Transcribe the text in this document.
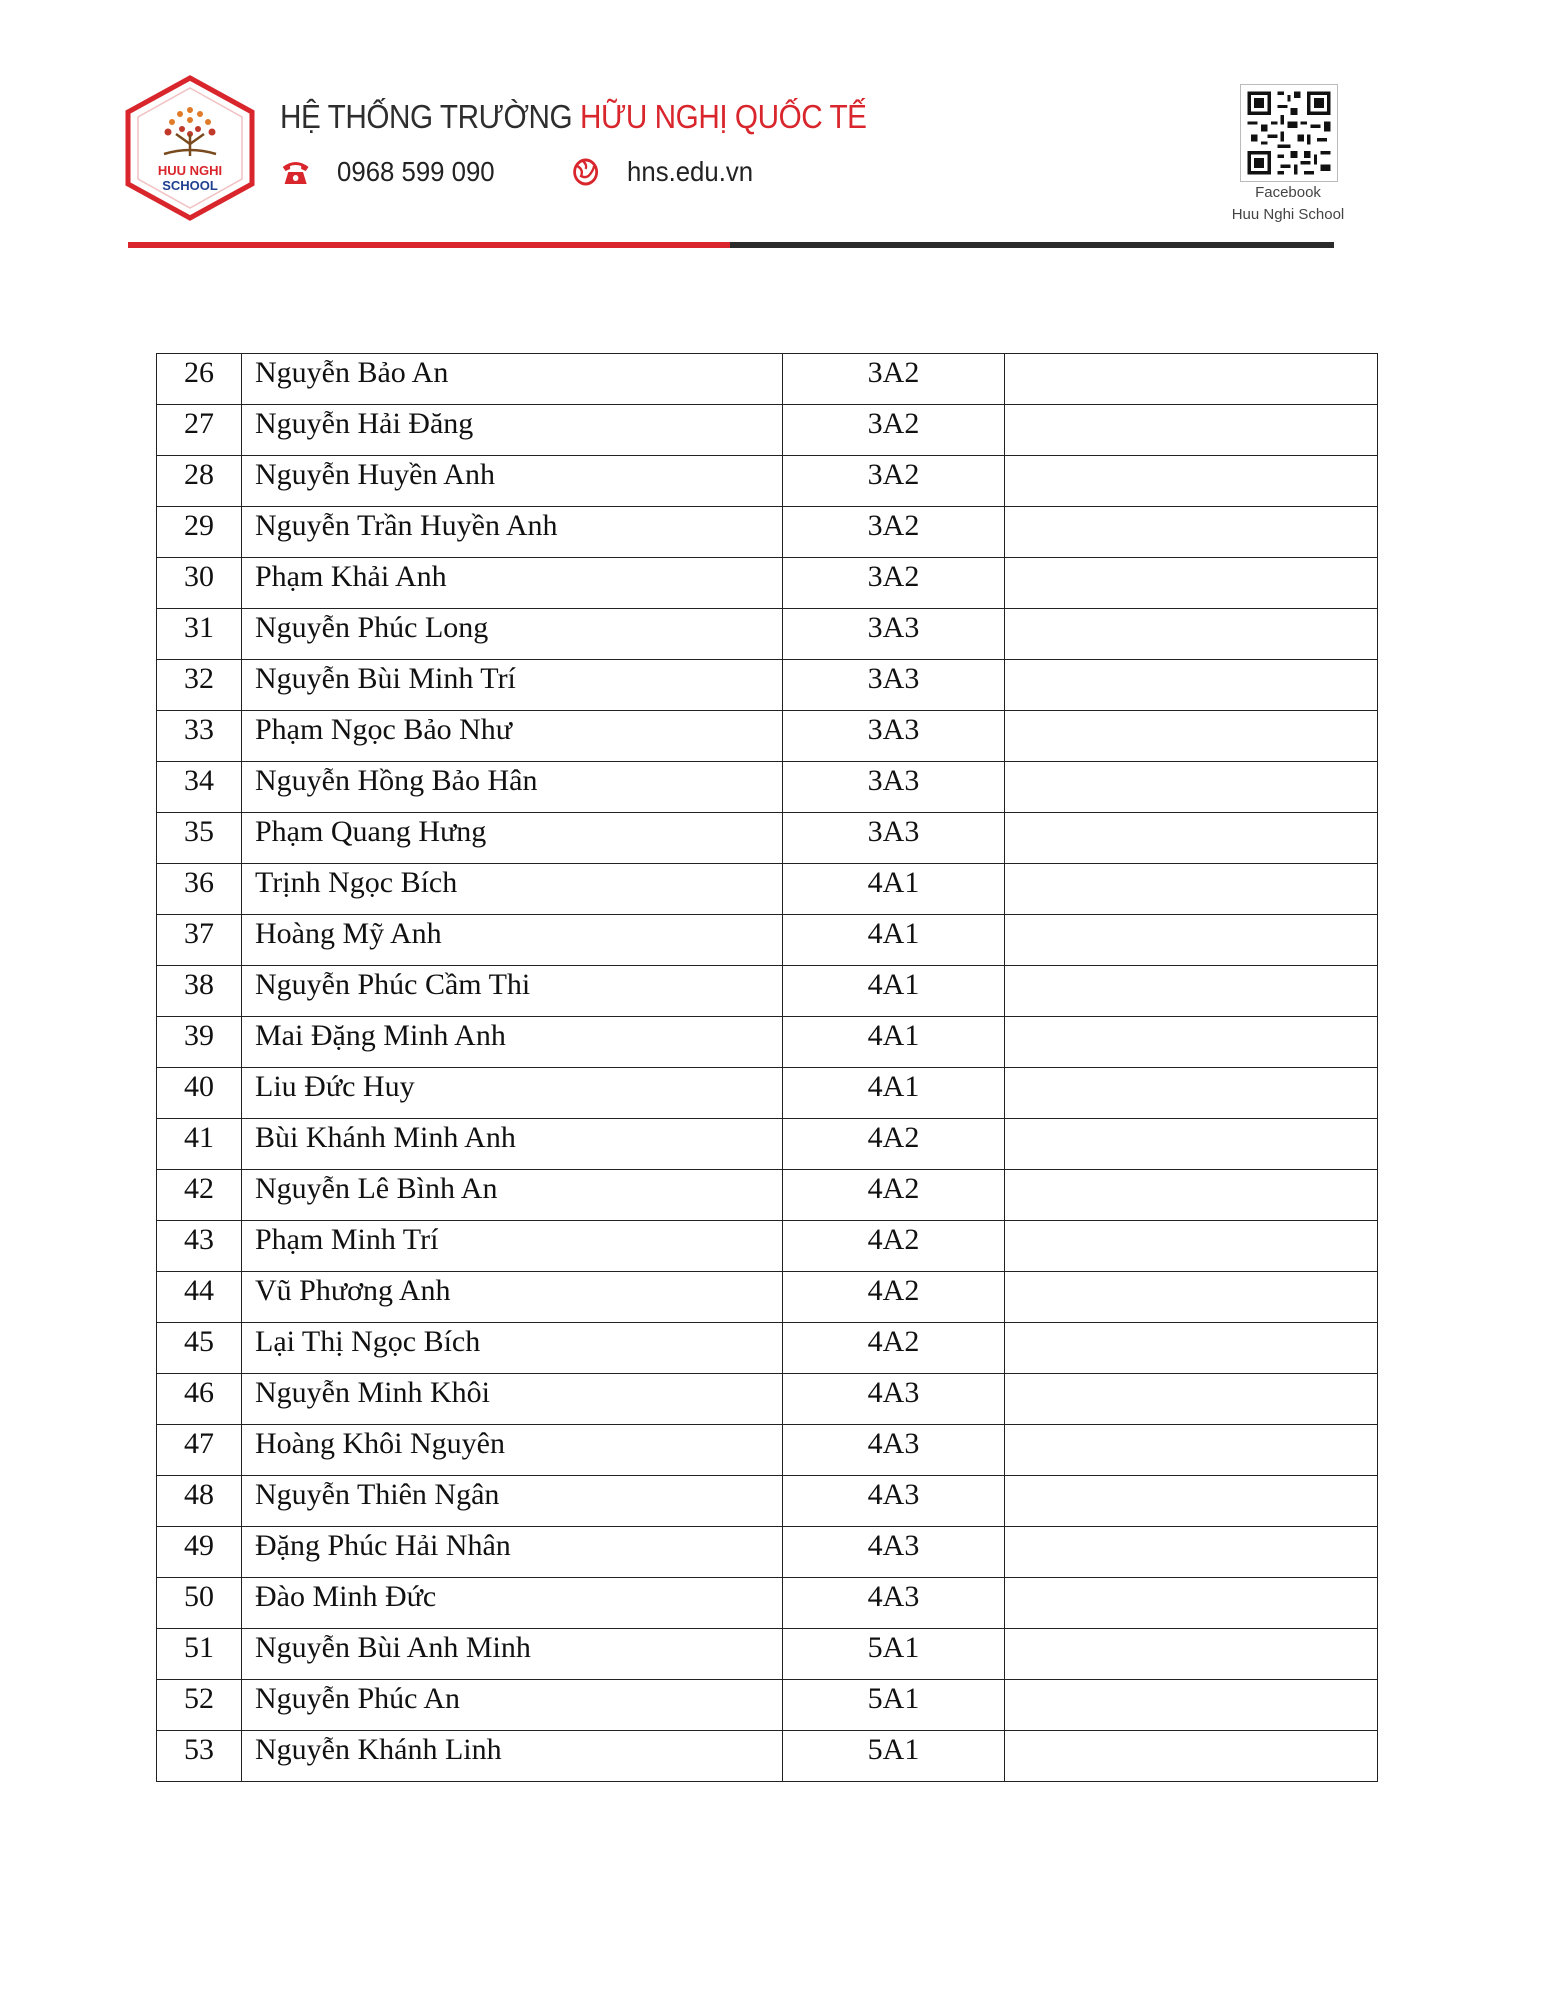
HUU NGHI
SCHOOL
HỆ THỐNG TRƯỜNG HỮU NGHỊ QUỐC TẾ
0968 599 090	hns.edu.vn
Facebook
Huu Nghi School
26	Nguyễn Bảo An	3A2	
27	Nguyễn Hải Đăng	3A2	
28	Nguyễn Huyền Anh	3A2	
29	Nguyễn Trần Huyền Anh	3A2	
30	Phạm Khải Anh	3A2	
31	Nguyễn Phúc Long	3A3	
32	Nguyễn Bùi Minh Trí	3A3	
33	Phạm Ngọc Bảo Như	3A3	
34	Nguyễn Hồng Bảo Hân	3A3	
35	Phạm Quang Hưng	3A3	
36	Trịnh Ngọc Bích	4A1	
37	Hoàng Mỹ Anh	4A1	
38	Nguyễn Phúc Cầm Thi	4A1	
39	Mai Đặng Minh Anh	4A1	
40	Liu Đức Huy	4A1	
41	Bùi Khánh Minh Anh	4A2	
42	Nguyễn Lê Bình An	4A2	
43	Phạm Minh Trí	4A2	
44	Vũ Phương Anh	4A2	
45	Lại Thị Ngọc Bích	4A2	
46	Nguyễn Minh Khôi	4A3	
47	Hoàng Khôi Nguyên	4A3	
48	Nguyễn Thiên Ngân	4A3	
49	Đặng Phúc Hải Nhân	4A3	
50	Đào Minh Đức	4A3	
51	Nguyễn Bùi Anh Minh	5A1	
52	Nguyễn Phúc An	5A1	
53	Nguyễn Khánh Linh	5A1	
